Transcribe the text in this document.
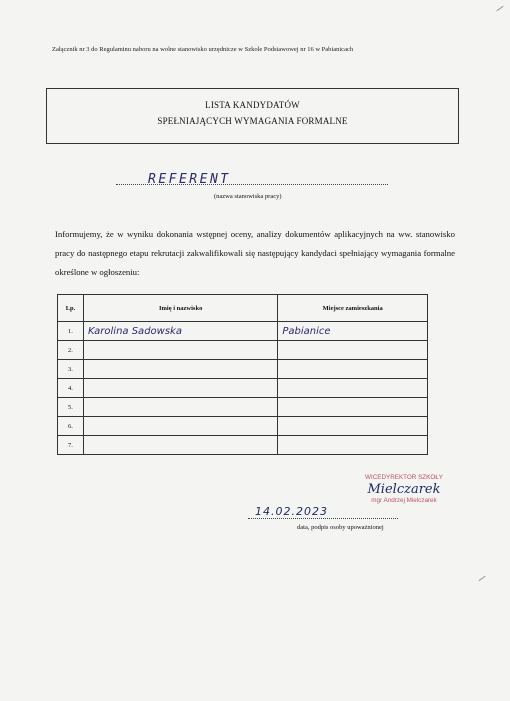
Załącznik nr 3 do Regulaminu naboru na wolne stanowisko urzędnicze w Szkole Podstawowej nr 16 w Pabianicach
LISTA KANDYDATÓW
SPEŁNIAJĄCYCH WYMAGANIA FORMALNE
REFERENT
(nazwa stanowiska pracy)
Informujemy, że w wyniku dokonania wstępnej oceny, analizy dokumentów aplikacyjnych na ww. stanowisko pracy do następnego etapu rekrutacji zakwalifikowali się następujący kandydaci spełniający wymagania formalne określone w ogłoszeniu:
Lp.	Imię i nazwisko	Miejsce zamieszkania
1.	Karolina Sadowska	Pabianice
2.		
3.		
4.		
5.		
6.		
7.		
WICEDYREKTOR SZKOŁY
Mielczarek
mgr Andrzej Mielczarek
14.02.2023
data, podpis osoby upoważnionej
